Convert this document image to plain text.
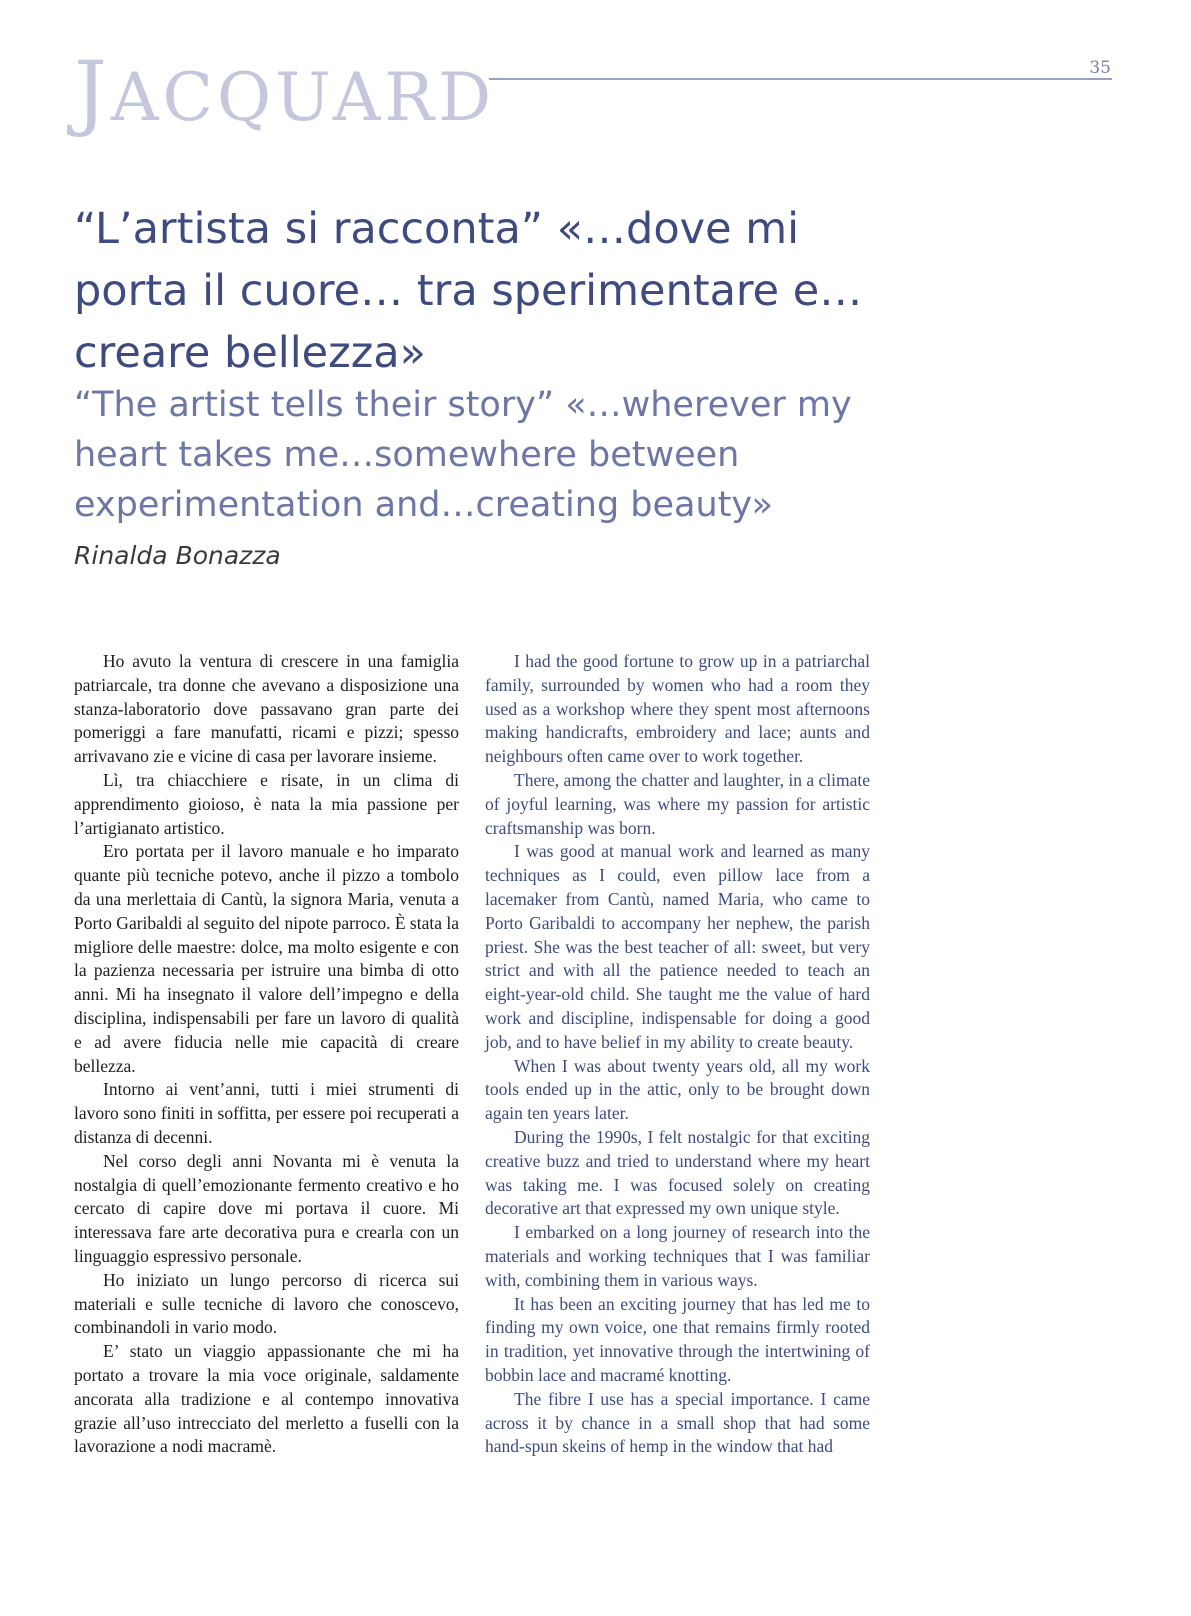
JACQUARD	35
“L’artista si racconta” «…dove mi porta il cuore… tra sperimentare e… creare bellezza»
“The artist tells their story” «…wherever my heart takes me…somewhere between experimentation and…creating beauty»
Rinalda Bonazza

Ho avuto la ventura di crescere in una famiglia patriarcale, tra donne che avevano a disposizione una stanza-laboratorio dove passavano gran parte dei pomeriggi a fare manufatti, ricami e pizzi; spesso arrivavano zie e vicine di casa per lavorare insieme.

Lì, tra chiacchiere e risate, in un clima di apprendimento gioioso, è nata la mia passione per l’artigianato artistico.

Ero portata per il lavoro manuale e ho imparato quante più tecniche potevo, anche il pizzo a tombolo da una merlettaia di Cantù, la signora Maria, venuta a Porto Garibaldi al seguito del nipote parroco. È stata la migliore delle maestre: dolce, ma molto esigente e con la pazienza necessaria per istruire una bimba di otto anni. Mi ha insegnato il valore dell’impegno e della disciplina, indispensabili per fare un lavoro di qualità e ad avere fiducia nelle mie capacità di creare bellezza.

Intorno ai vent’anni, tutti i miei strumenti di lavoro sono finiti in soffitta, per essere poi recuperati a distanza di decenni.

Nel corso degli anni Novanta mi è venuta la nostalgia di quell’emozionante fermento creativo e ho cercato di capire dove mi portava il cuore. Mi interessava fare arte decorativa pura e crearla con un linguaggio espressivo personale.

Ho iniziato un lungo percorso di ricerca sui materiali e sulle tecniche di lavoro che conoscevo, combinandoli in vario modo.

E’ stato un viaggio appassionante che mi ha portato a trovare la mia voce originale, saldamente ancorata alla tradizione e al contempo innovativa grazie all’uso intrecciato del merletto a fuselli con la lavorazione a nodi macramè.

I had the good fortune to grow up in a patriarchal family, surrounded by women who had a room they used as a workshop where they spent most afternoons making handicrafts, embroidery and lace; aunts and neighbours often came over to work together.

There, among the chatter and laughter, in a climate of joyful learning, was where my passion for artistic craftsmanship was born.

I was good at manual work and learned as many techniques as I could, even pillow lace from a lacemaker from Cantù, named Maria, who came to Porto Garibaldi to accompany her nephew, the parish priest. She was the best teacher of all: sweet, but very strict and with all the patience needed to teach an eight-year-old child. She taught me the value of hard work and discipline, indispensable for doing a good job, and to have belief in my ability to create beauty.

When I was about twenty years old, all my work tools ended up in the attic, only to be brought down again ten years later.

During the 1990s, I felt nostalgic for that exciting creative buzz and tried to understand where my heart was taking me. I was focused solely on creating decorative art that expressed my own unique style.

I embarked on a long journey of research into the materials and working techniques that I was familiar with, combining them in various ways.

It has been an exciting journey that has led me to finding my own voice, one that remains firmly rooted in tradition, yet innovative through the intertwining of bobbin lace and macramé knotting.

The fibre I use has a special importance. I came across it by chance in a small shop that had some hand-spun skeins of hemp in the window that had
